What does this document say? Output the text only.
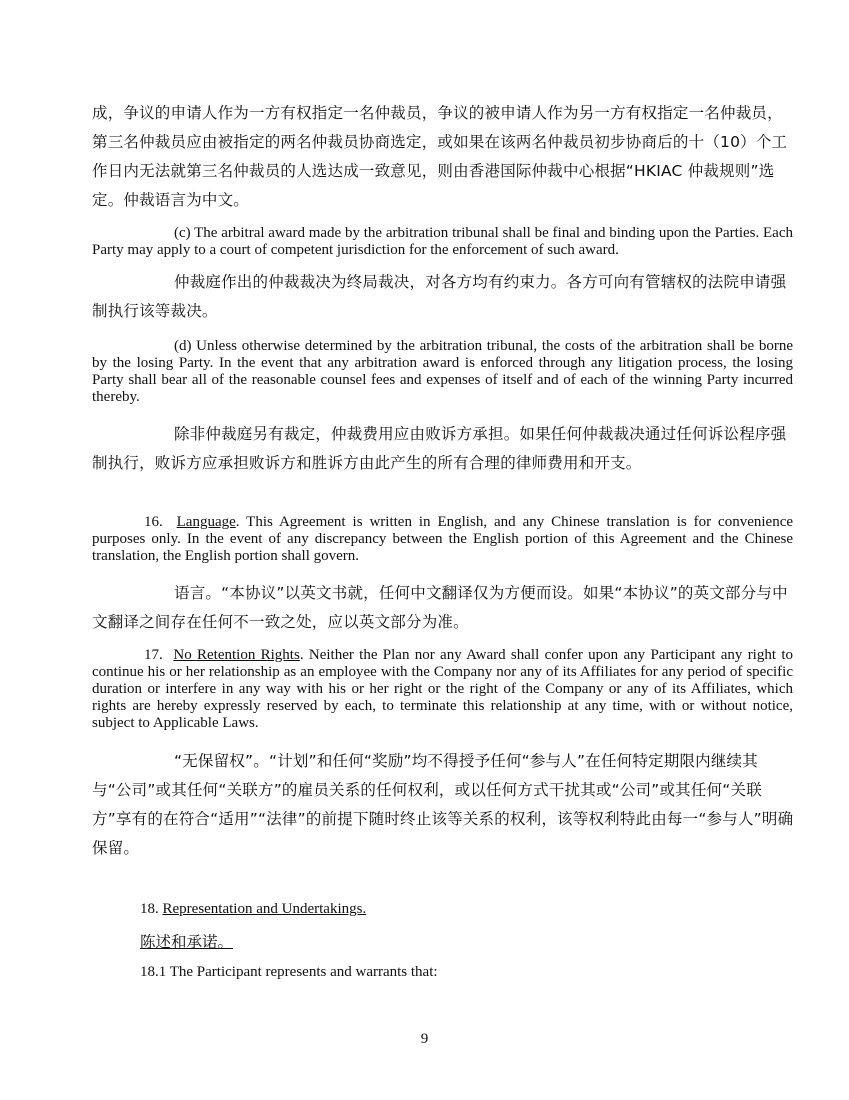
成，争议的申请人作为一方有权指定一名仲裁员，争议的被申请人作为另一方有权指定一名仲裁员，第三名仲裁员应由被指定的两名仲裁员协商选定，或如果在该两名仲裁员初步协商后的十（10）个工作日内无法就第三名仲裁员的人选达成一致意见，则由香港国际仲裁中心根据“HKIAC 仲裁规则”选定。仲裁语言为中文。

(c) The arbitral award made by the arbitration tribunal shall be final and binding upon the Parties. Each Party may apply to a court of competent jurisdiction for the enforcement of such award.

仲裁庭作出的仲裁裁决为终局裁决，对各方均有约束力。各方可向有管辖权的法院申请强制执行该等裁决。

(d) Unless otherwise determined by the arbitration tribunal, the costs of the arbitration shall be borne by the losing Party. In the event that any arbitration award is enforced through any litigation process, the losing Party shall bear all of the reasonable counsel fees and expenses of itself and of each of the winning Party incurred thereby.

除非仲裁庭另有裁定，仲裁费用应由败诉方承担。如果任何仲裁裁决通过任何诉讼程序强制执行，败诉方应承担败诉方和胜诉方由此产生的所有合理的律师费用和开支。

16. Language. This Agreement is written in English, and any Chinese translation is for convenience purposes only. In the event of any discrepancy between the English portion of this Agreement and the Chinese translation, the English portion shall govern.

语言。“本协议”以英文书就，任何中文翻译仅为方便而设。如果“本协议”的英文部分与中文翻译之间存在任何不一致之处，应以英文部分为准。

17. No Retention Rights. Neither the Plan nor any Award shall confer upon any Participant any right to continue his or her relationship as an employee with the Company nor any of its Affiliates for any period of specific duration or interfere in any way with his or her right or the right of the Company or any of its Affiliates, which rights are hereby expressly reserved by each, to terminate this relationship at any time, with or without notice, subject to Applicable Laws.

“无保留权”。“计划”和任何“奖励”均不得授予任何“参与人”在任何特定期限内继续其与“公司”或其任何“关联方”的雇员关系的任何权利，或以任何方式干扰其或“公司”或其任何“关联方”享有的在符合“适用”“法律”的前提下随时终止该等关系的权利，该等权利特此由每一“参与人”明确保留。

18. Representation and Undertakings.

陈述和承诺。

18.1 The Participant represents and warrants that:

9
